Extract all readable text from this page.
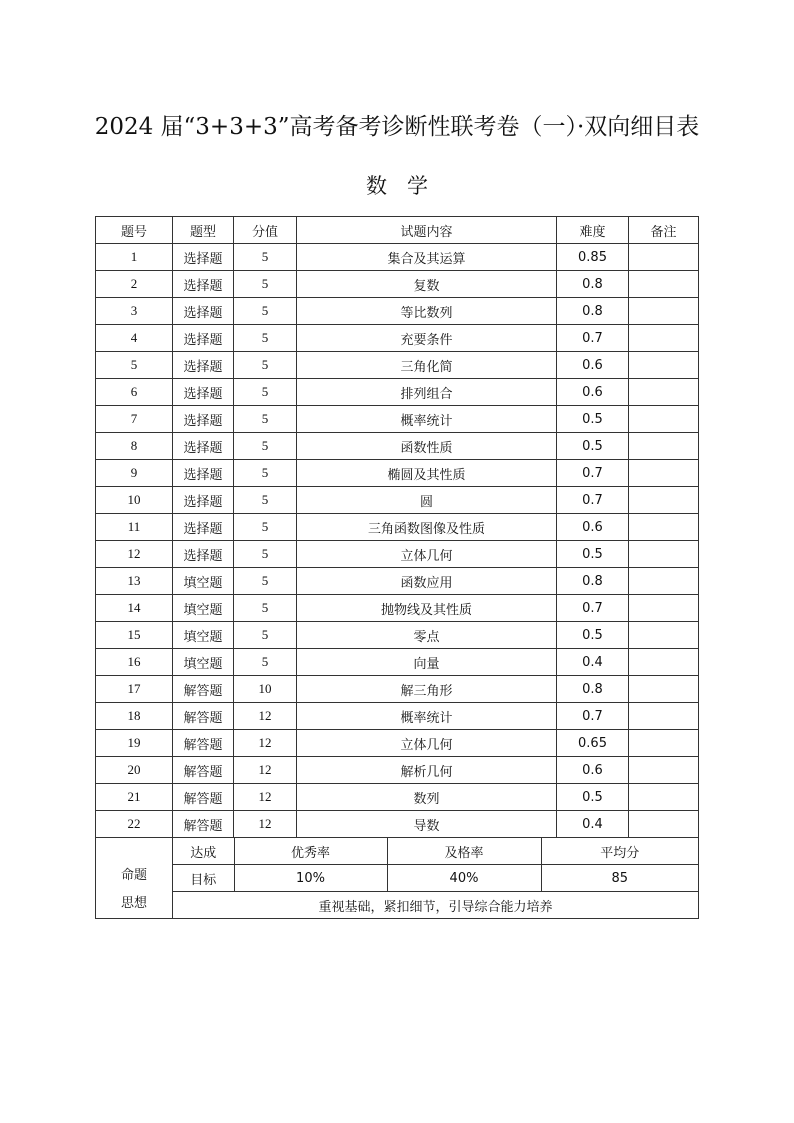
2024 届“3+3+3”高考备考诊断性联考卷（一）·双向细目表
数学
题号	题型	分值	试题内容	难度	备注
1	选择题	5	集合及其运算	0.85	
2	选择题	5	复数	0.8	
3	选择题	5	等比数列	0.8	
4	选择题	5	充要条件	0.7	
5	选择题	5	三角化简	0.6	
6	选择题	5	排列组合	0.6	
7	选择题	5	概率统计	0.5	
8	选择题	5	函数性质	0.5	
9	选择题	5	椭圆及其性质	0.7	
10	选择题	5	圆	0.7	
11	选择题	5	三角函数图像及性质	0.6	
12	选择题	5	立体几何	0.5	
13	填空题	5	函数应用	0.8	
14	填空题	5	抛物线及其性质	0.7	
15	填空题	5	零点	0.5	
16	填空题	5	向量	0.4	
17	解答题	10	解三角形	0.8	
18	解答题	12	概率统计	0.7	
19	解答题	12	立体几何	0.65	
20	解答题	12	解析几何	0.6	
21	解答题	12	数列	0.5	
22	解答题	12	导数	0.4	

命题
思想

达成	优秀率	及格率	平均分
目标	10%	40%	85
重视基础，紧扣细节，引导综合能力培养
